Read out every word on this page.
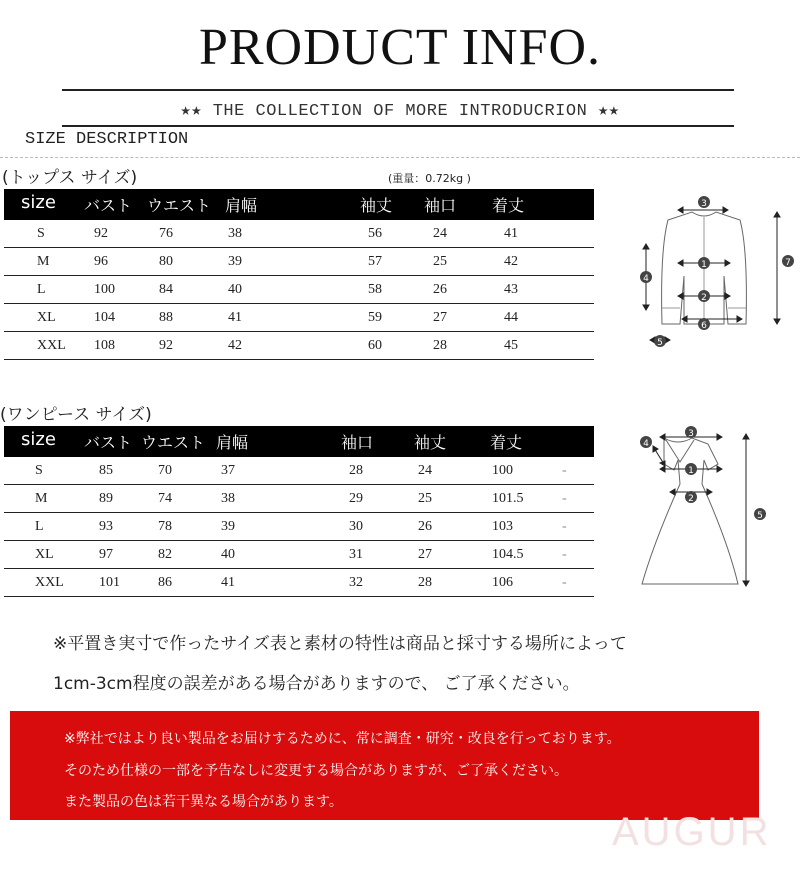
PRODUCT INFO.
★★ THE COLLECTION OF MORE INTRODUCRION ★★
SIZE DESCRIPTION
(トップス サイズ)	(重量：0.72kg )
size バスト ウエスト 肩幅	袖丈 袖口 着丈
S	92	76	38	56	24	41
M	96	80	39	57	25	42
L	100	84	40	58	26	43
XL	104	88	41	59	27	44
XXL 108	92	42	60	28	45
3
1
2
6
4
5
7
(ワンピース サイズ)
size バスト ウエスト 肩幅	袖口	袖丈	着丈
S	85	70	37	28	24	100	-
M	89	74	38	29	25	101.5	-
L	93	78	39	30	26	103	-
XL	97	82	40	31	27	104.5	-
XXL	101	86	41	32	28	106	-
3
1
2
4
5
※平置き実寸で作ったサイズ表と素材の特性は商品と採寸する場所によって
1cm-3cm程度の誤差がある場合がありますので、 ご了承ください。
※弊社ではより良い製品をお届けするために、常に調査・研究・改良を行っております。
そのため仕様の一部を予告なしに変更する場合がありますが、ご了承ください。
また製品の色は若干異なる場合があります。
AUGUR
